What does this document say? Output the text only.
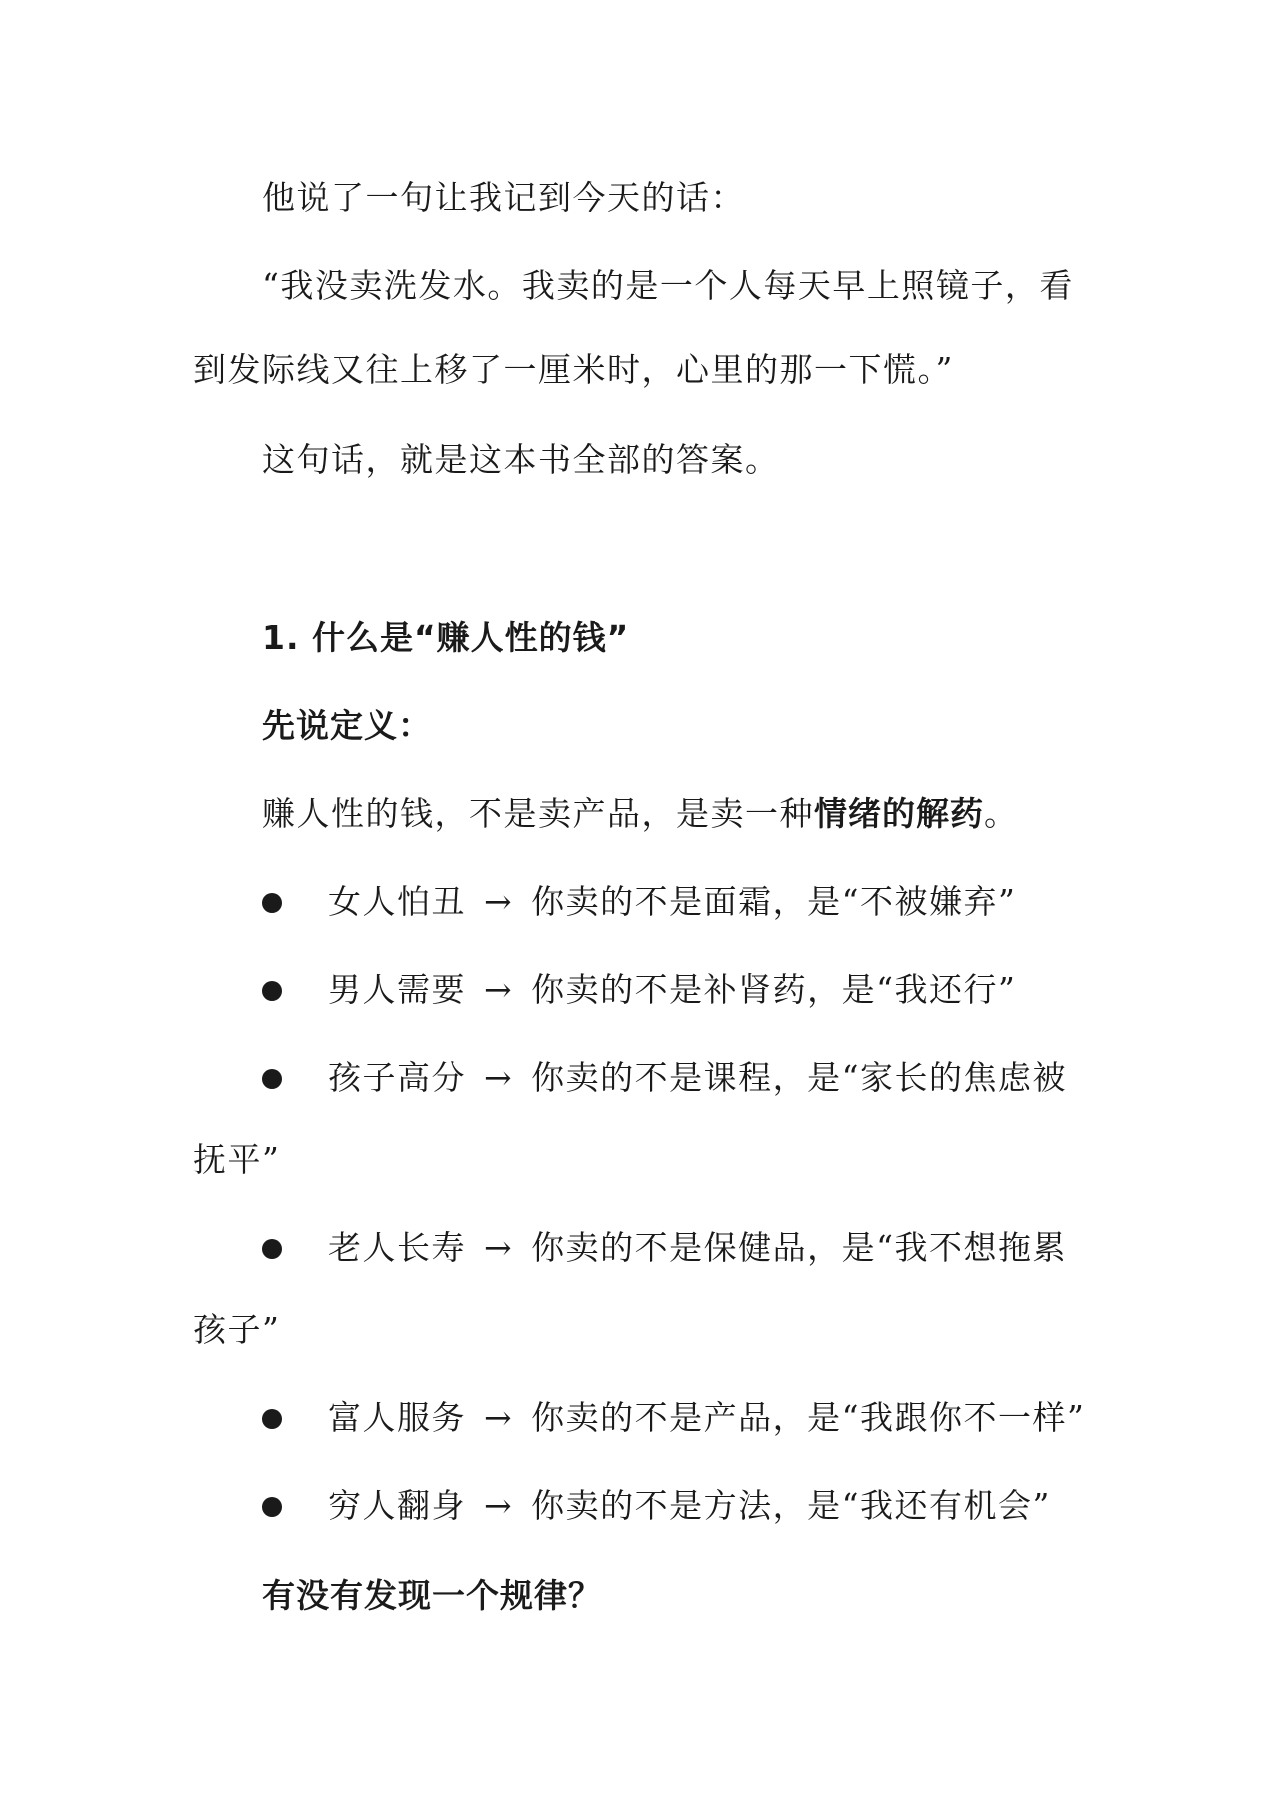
他说了一句让我记到今天的话：
“我没卖洗发水。我卖的是一个人每天早上照镜子，看
到发际线又往上移了一厘米时，心里的那一下慌。”
这句话，就是这本书全部的答案。
1. 什么是“赚人性的钱”
先说定义：
赚人性的钱，不是卖产品，是卖一种情绪的解药。
女人怕丑 → 你卖的不是面霜，是“不被嫌弃”
男人需要 → 你卖的不是补肾药，是“我还行”
孩子高分 → 你卖的不是课程，是“家长的焦虑被
抚平”
老人长寿 → 你卖的不是保健品，是“我不想拖累
孩子”
富人服务 → 你卖的不是产品，是“我跟你不一样”
穷人翻身 → 你卖的不是方法，是“我还有机会”
有没有发现一个规律？
